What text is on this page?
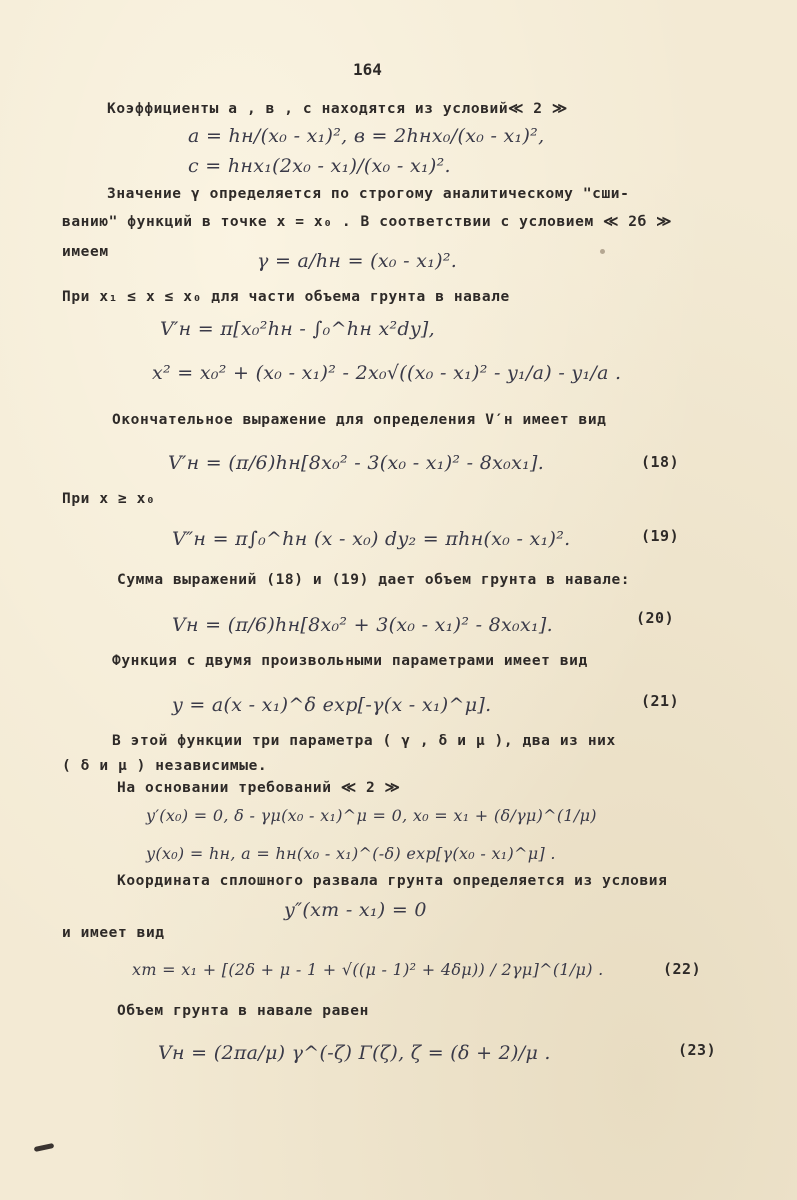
164
Коэффициенты a , в , c находятся из условий≪ 2 ≫
a = hн/(x₀ - x₁)², в = 2hнx₀/(x₀ - x₁)²,
c = hнx₁(2x₀ - x₁)/(x₀ - x₁)².
Значение γ определяется по строгому аналитическому "сши-
ванию" функций в точке x = x₀ . В соответствии с условием ≪ 2б ≫
имеем	γ = a/hн = (x₀ - x₁)².
При x₁ ≤ x ≤ x₀ для части объема грунта в навале
V′н = π[x₀²hн - ∫₀^hн x²dy],
x² = x₀² + (x₀ - x₁)² - 2x₀√((x₀ - x₁)² - y₁/a) - y₁/a .
Окончательное выражение для определения V′н имеет вид
V′н = (π/6)hн[8x₀² - 3(x₀ - x₁)² - 8x₀x₁].	(18)
При x ≥ x₀
V″н = π∫₀^hн (x - x₀) dy₂ = πhн(x₀ - x₁)².	(19)
Сумма выражений (18) и (19) дает объем грунта в навале:
Vн = (π/6)hн[8x₀² + 3(x₀ - x₁)² - 8x₀x₁].	(20)
Функция с двумя произвольными параметрами имеет вид
y = a(x - x₁)^δ exp[-γ(x - x₁)^μ].	(21)
В этой функции три параметра ( γ , δ и μ ), два из них
( δ и μ ) независимые.
На основании требований ≪ 2 ≫
y′(x₀) = 0, δ - γμ(x₀ - x₁)^μ = 0, x₀ = x₁ + (δ/γμ)^(1/μ)
y(x₀) = hн, a = hн(x₀ - x₁)^(-δ) exp[γ(x₀ - x₁)^μ] .
Координата сплошного развала грунта определяется из условия
y″(xm - x₁) = 0
и имеет вид
xm = x₁ + [(2δ + μ - 1 + √((μ - 1)² + 4δμ)) / 2γμ]^(1/μ) .	(22)
Объем грунта в навале равен
Vн = (2πa/μ) γ^(-ζ) Γ(ζ), ζ = (δ + 2)/μ .	(23)
